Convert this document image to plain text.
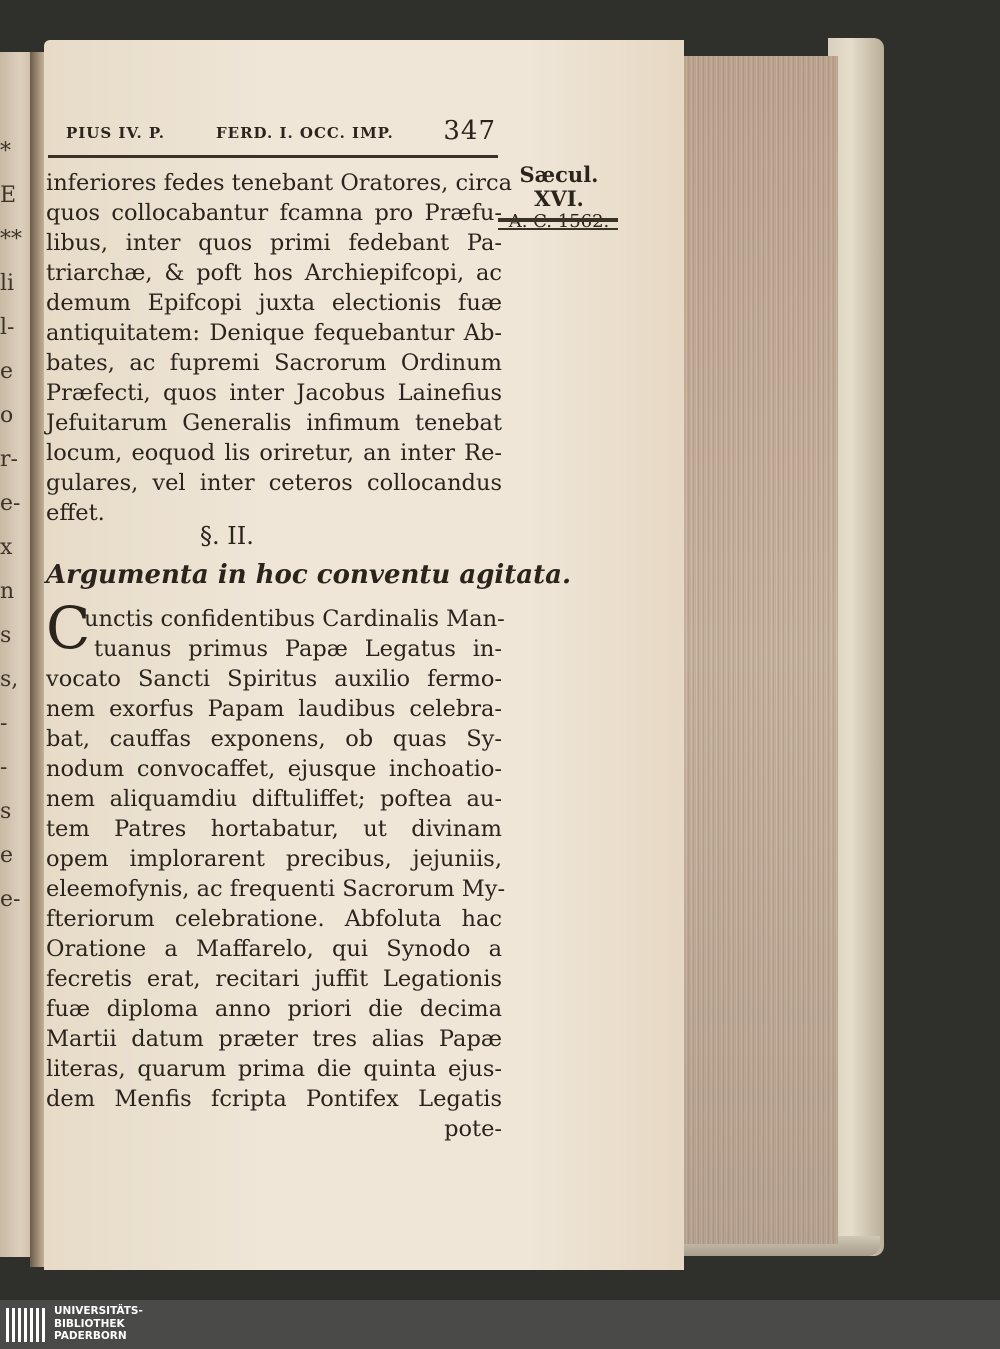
*
E
**
li
l-
e
o
r-
e-
x
n
s
s,
-
-
s
e
e-
PIUS IV. P.	FERD. I. OCC. IMP. 347
Sæcul. XVI.
inferiores fedes tenebant Oratores, circa
quos collocabantur fcamna pro Præfu-
libus, inter quos primi fedebant Pa-
triarchæ, & poft hos Archiepifcopi, ac
demum Epifcopi juxta electionis fuæ
antiquitatem: Denique fequebantur Ab-
bates, ac fupremi Sacrorum Ordinum
Præfecti, quos inter Jacobus Lainefius
Jefuitarum Generalis infimum tenebat
locum, eoquod lis oriretur, an inter Re-
gulares, vel inter ceteros collocandus
effet.
§. II.
Argumenta in hoc conventu agitata.
C
unctis confidentibus Cardinalis Man-
tuanus primus Papæ Legatus in-
vocato Sancti Spiritus auxilio fermo-
nem exorfus Papam laudibus celebra-
bat, cauffas exponens, ob quas Sy-
nodum convocaffet, ejusque inchoatio-
nem aliquamdiu diftuliffet; poftea au-
tem Patres hortabatur, ut divinam
opem implorarent precibus, jejuniis,
eleemofynis, ac frequenti Sacrorum My-
fteriorum celebratione. Abfoluta hac
Oratione a Maffarelo, qui Synodo a
fecretis erat, recitari juffit Legationis
fuæ diploma anno priori die decima
Martii datum præter tres alias Papæ
literas, quarum prima die quinta ejus-
dem Menfis fcripta Pontifex Legatis
pote-
UNIVERSITÄTS-
BIBLIOTHEK
PADERBORN
